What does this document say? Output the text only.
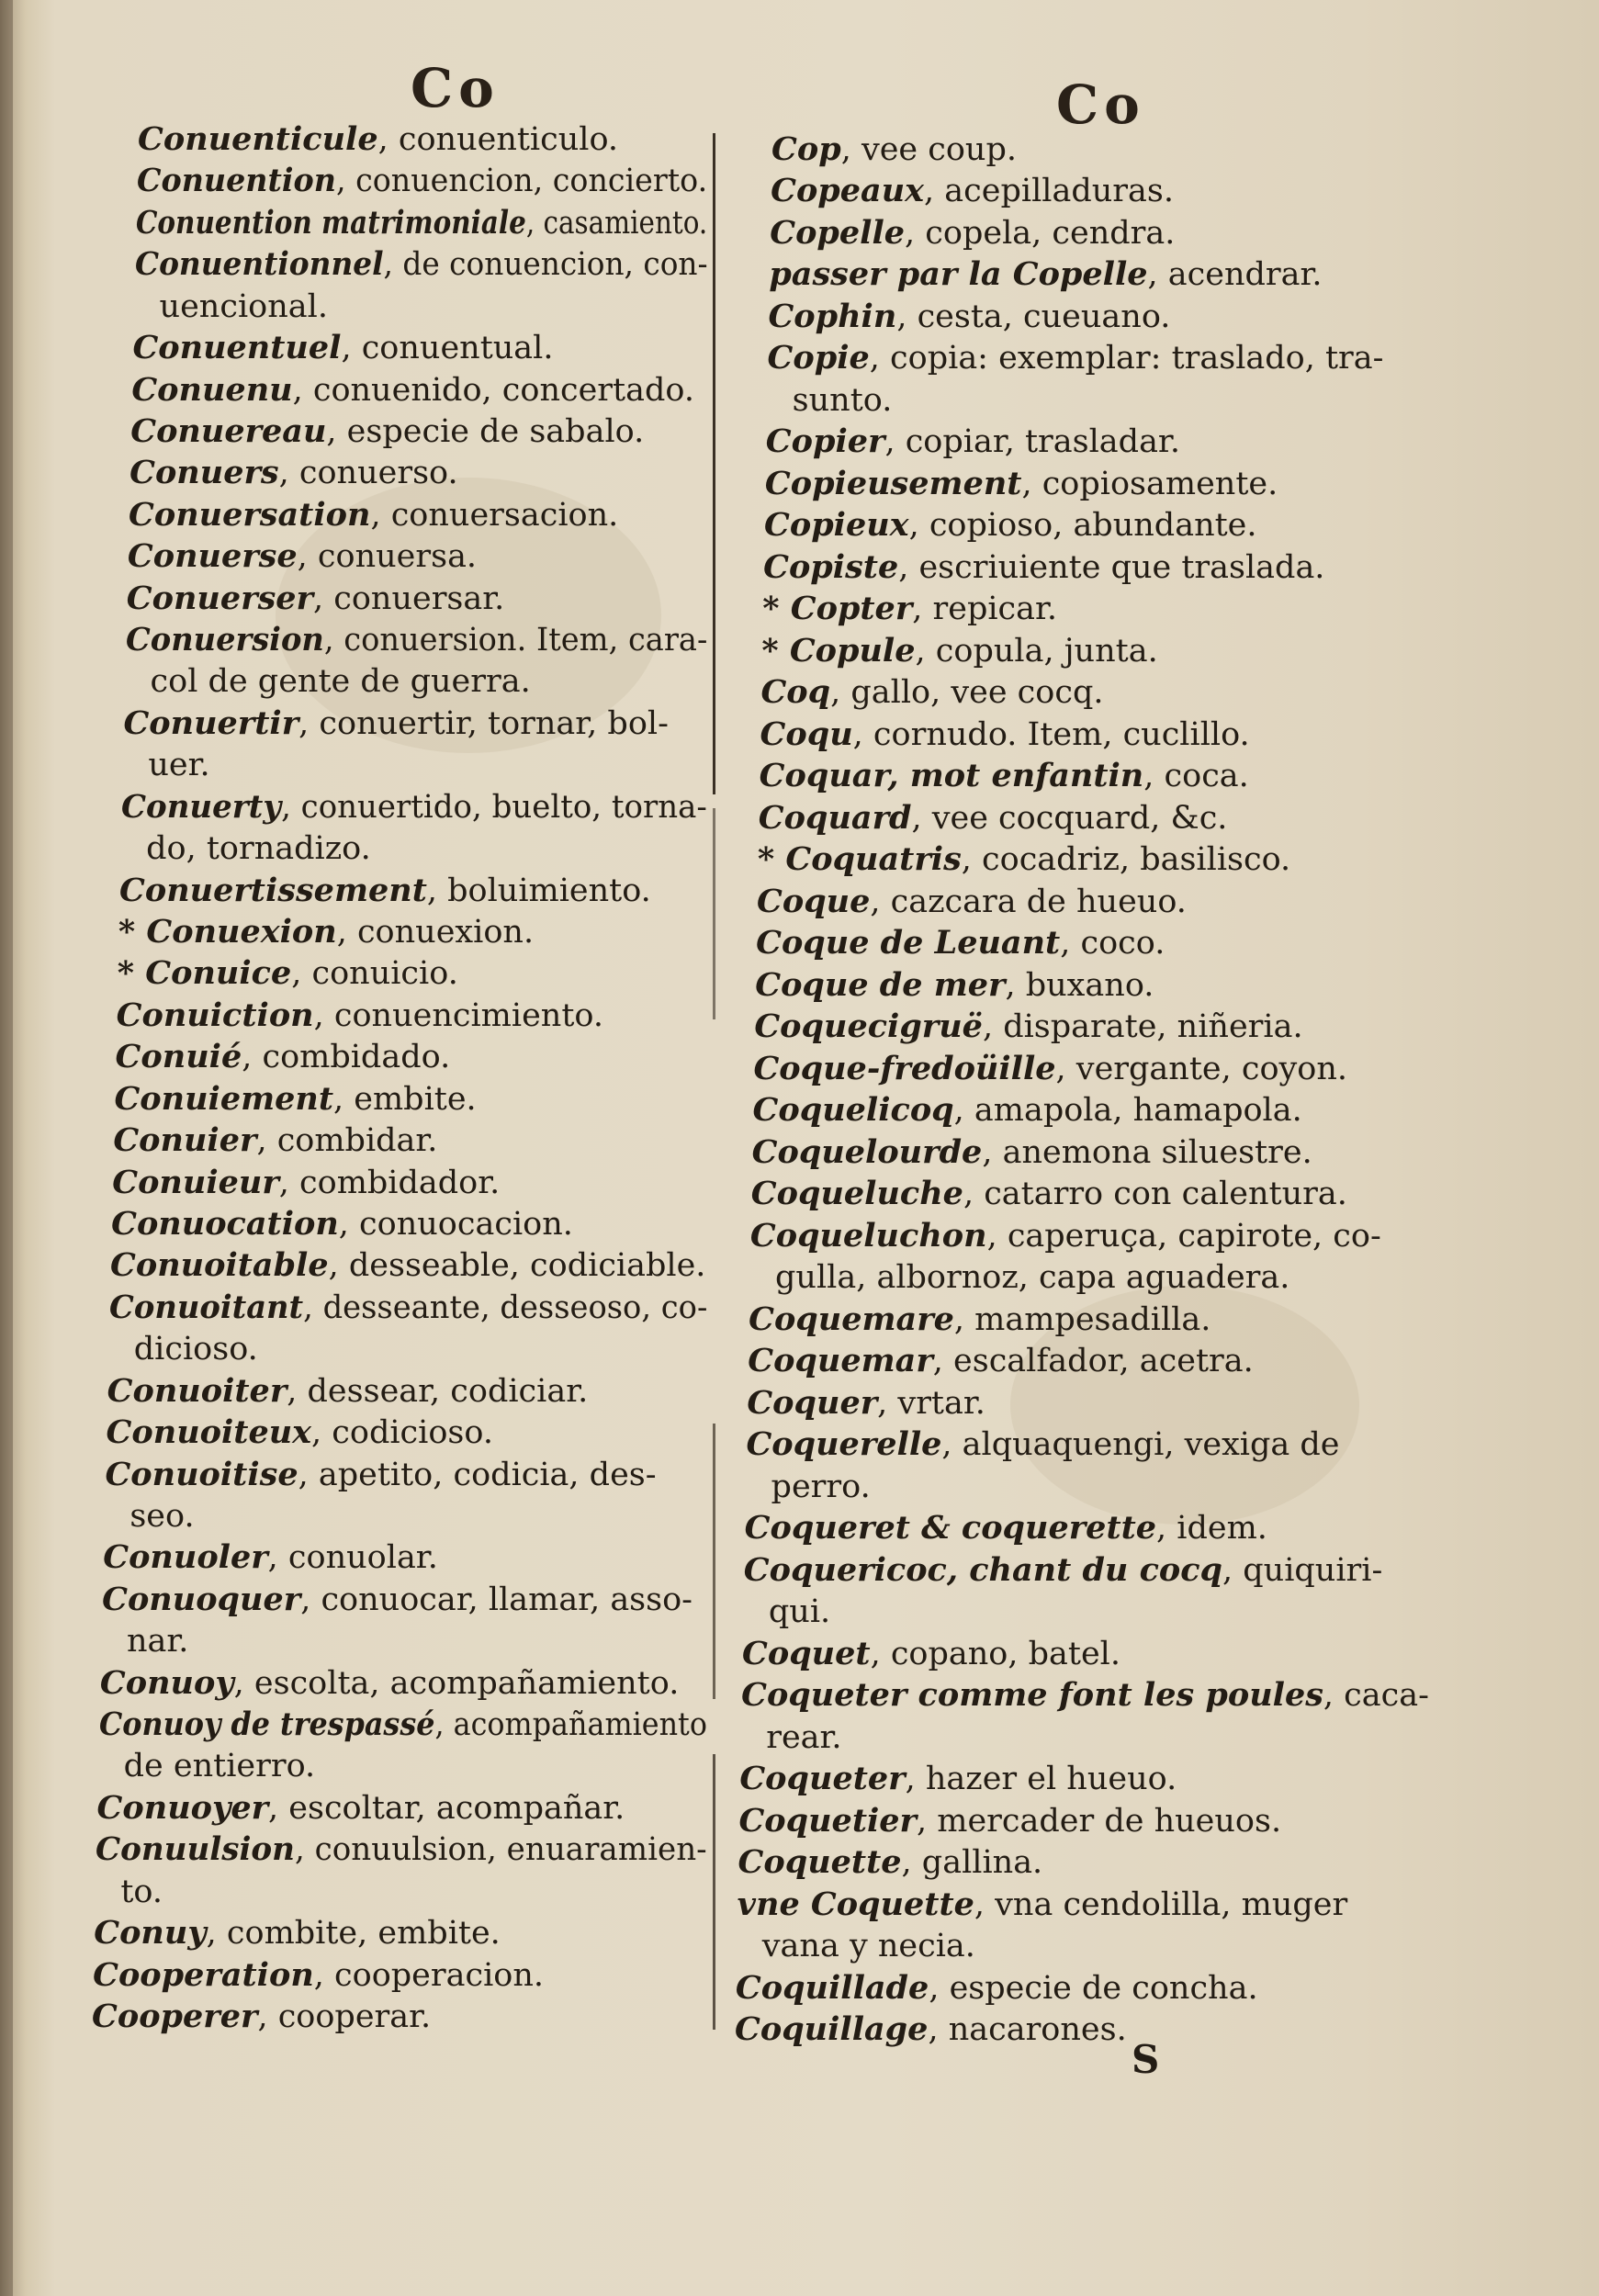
Co	Co
Conuenticule, conuenticulo.
Conuention, conuencion, concierto.
Conuention matrimoniale, casamiento.
Conuentionnel, de conuencion, con-
uencional.
Conuentuel, conuentual.
Conuenu, conuenido, concertado.
Conuereau, especie de sabalo.
Conuers, conuerso.
Conuersation, conuersacion.
Conuerse, conuersa.
Conuerser, conuersar.
Conuersion, conuersion. Item, cara-
col de gente de guerra.
Conuertir, conuertir, tornar, bol-
uer.
Conuerty, conuertido, buelto, torna-
do, tornadizo.
Conuertissement, boluimiento.
* Conuexion, conuexion.
* Conuice, conuicio.
Conuiction, conuencimiento.
Conuié, combidado.
Conuiement, embite.
Conuier, combidar.
Conuieur, combidador.
Conuocation, conuocacion.
Conuoitable, desseable, codiciable.
Conuoitant, desseante, desseoso, co-
dicioso.
Conuoiter, dessear, codiciar.
Conuoiteux, codicioso.
Conuoitise, apetito, codicia, des-
seo.
Conuoler, conuolar.
Conuoquer, conuocar, llamar, asso-
nar.
Conuoy, escolta, acompañamiento.
Conuoy de trespassé, acompañamiento
de entierro.
Conuoyer, escoltar, acompañar.
Conuulsion, conuulsion, enuaramien-
to.
Conuy, combite, embite.
Cooperation, cooperacion.
Cooperer, cooperar.
Cop, vee coup.
Copeaux, acepilladuras.
Copelle, copela, cendra.
passer par la Copelle, acendrar.
Cophin, cesta, cueuano.
Copie, copia: exemplar: traslado, tra-
sunto.
Copier, copiar, trasladar.
Copieusement, copiosamente.
Copieux, copioso, abundante.
Copiste, escriuiente que traslada.
* Copter, repicar.
* Copule, copula, junta.
Coq, gallo, vee cocq.
Coqu, cornudo. Item, cuclillo.
Coquar, mot enfantin, coca.
Coquard, vee cocquard, &c.
* Coquatris, cocadriz, basilisco.
Coque, cazcara de hueuo.
Coque de Leuant, coco.
Coque de mer, buxano.
Coquecigruë, disparate, niñeria.
Coque-fredoüille, vergante, coyon.
Coquelicoq, amapola, hamapola.
Coquelourde, anemona siluestre.
Coqueluche, catarro con calentura.
Coqueluchon, caperuça, capirote, co-
gulla, albornoz, capa aguadera.
Coquemare, mampesadilla.
Coquemar, escalfador, acetra.
Coquer, vrtar.
Coquerelle, alquaquengi, vexiga de
perro.
Coqueret & coquerette, idem.
Coquericoc, chant du cocq, quiquiri-
qui.
Coquet, copano, batel.
Coqueter comme font les poules, caca-
rear.
Coqueter, hazer el hueuo.
Coquetier, mercader de hueuos.
Coquette, gallina.
vne Coquette, vna cendolilla, muger
vana y necia.
Coquillade, especie de concha.
Coquillage, nacarones.
S
